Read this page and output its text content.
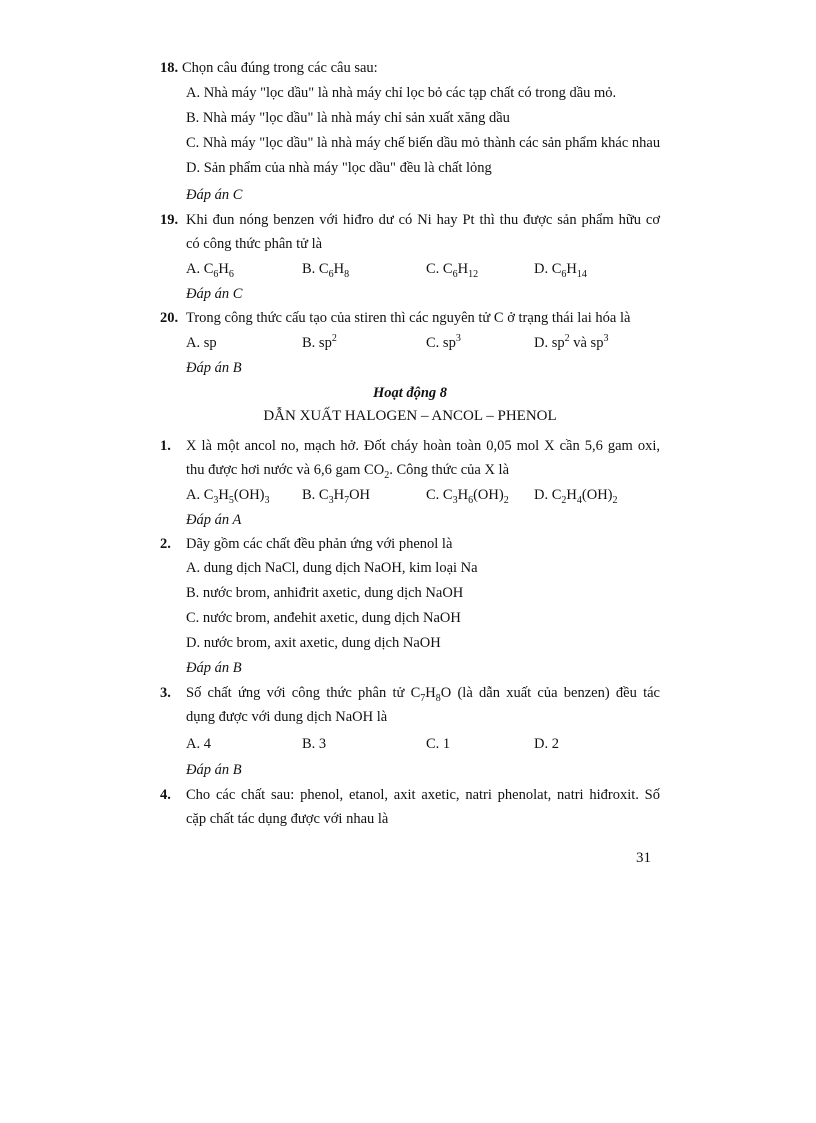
18. Chọn câu đúng trong các câu sau:
A. Nhà máy "lọc dầu" là nhà máy chỉ lọc bỏ các tạp chất có trong dầu mỏ.
B. Nhà máy "lọc dầu" là nhà máy chỉ sản xuất xăng dầu
C. Nhà máy "lọc dầu" là nhà máy chế biến dầu mỏ thành các sản phẩm khác nhau
D. Sản phẩm của nhà máy "lọc dầu" đều là chất lỏng
Đáp án C
19. Khi đun nóng benzen với hiđro dư có Ni hay Pt thì thu được sản phẩm hữu cơ
có công thức phân tử là
A. $C_6H_6$	B. $C_6H_8$	C. $C_6H_{12}$	D. $C_6H_{14}$
Đáp án C
20. Trong công thức cấu tạo của stiren thì các nguyên tử C ở trạng thái lai hóa là
A. sp	B. $sp^2$	C. $sp^3$	D. $sp^2$ và $sp^3$
Đáp án B
Hoạt động 8
DẪN XUẤT HALOGEN – ANCOL – PHENOL
1. X là một ancol no, mạch hở. Đốt cháy hoàn toàn 0,05 mol X cần 5,6 gam oxi,
thu được hơi nước và 6,6 gam $CO_2$. Công thức của X là
A. $C_3H_5(OH)_3$ B. $C_3H_7OH$	C. $C_3H_6(OH)_2$ D. $C_2H_4(OH)_2$
Đáp án A
2. Dãy gồm các chất đều phản ứng với phenol là
A. dung dịch NaCl, dung dịch NaOH, kim loại Na
B. nước brom, anhiđrit axetic, dung dịch NaOH
C. nước brom, anđehit axetic, dung dịch NaOH
D. nước brom, axit axetic, dung dịch NaOH
Đáp án B
3. Số chất ứng với công thức phân tử $C_7H_8O$ (là dẫn xuất của benzen) đều tác
dụng được với dung dịch NaOH là
A. 4	B. 3	C. 1	D. 2
Đáp án B
4. Cho các chất sau: phenol, etanol, axit axetic, natri phenolat, natri hiđroxit. Số
cặp chất tác dụng được với nhau là
31
